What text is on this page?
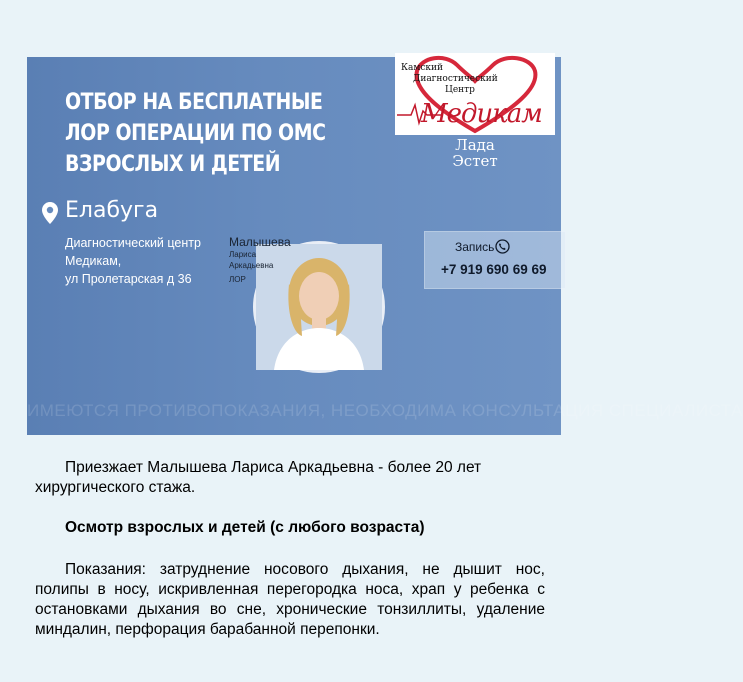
ОТБОР НА БЕСПЛАТНЫЕ
ЛОР ОПЕРАЦИИ ПО ОМС
ВЗРОСЛЫХ И ДЕТЕЙ
Камский
Диагностический
Центр
Медикам
Лада
Эстет
Елабуга
Диагностический центр
Медикам,
ул Пролетарская д 36
Малышева
Лариса
Аркадьевна
ЛОР
Запись
+7 919 690 69 69
ИМЕЮТСЯ ПРОТИВОПОКАЗАНИЯ, НЕОБХОДИМА КОНСУЛЬТАЦИЯ СПЕЦИАЛИСТА
Приезжает Малышева Лариса Аркадьевна - более 20 лет хирургического стажа.
Осмотр взрослых и детей (с любого возраста)
Показания: затруднение носового дыхания, не дышит нос, полипы в носу, искривленная перегородка носа, храп у ребенка с остановками дыхания во сне, хронические тонзиллиты, удаление миндалин, перфорация барабанной перепонки.
